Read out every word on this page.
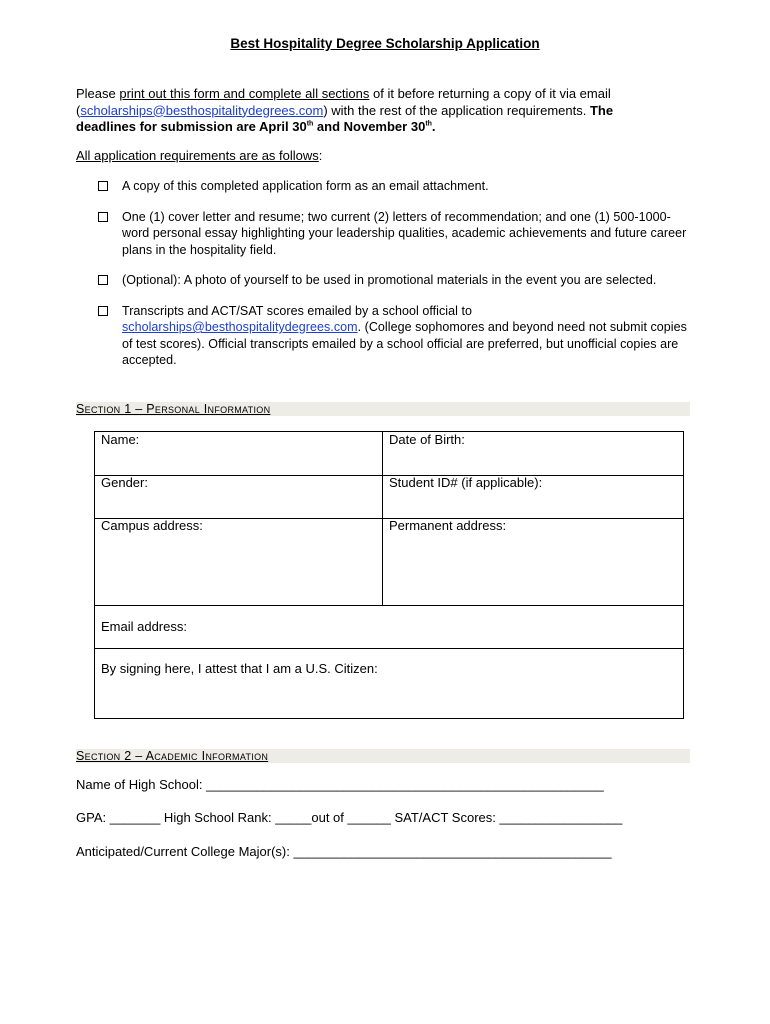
Best Hospitality Degree Scholarship Application
Please print out this form and complete all sections of it before returning a copy of it via email
(scholarships@besthospitalitydegrees.com) with the rest of the application requirements. The
deadlines for submission are April 30th and November 30th.
All application requirements are as follows:
A copy of this completed application form as an email attachment.
One (1) cover letter and resume; two current (2) letters of recommendation; and one (1) 500-1000-word personal essay highlighting your leadership qualities, academic achievements and future career plans in the hospitality field.
(Optional): A photo of yourself to be used in promotional materials in the event you are selected.
Transcripts and ACT/SAT scores emailed by a school official to
scholarships@besthospitalitydegrees.com. (College sophomores and beyond need not submit copies of test scores). Official transcripts emailed by a school official are preferred, but unofficial copies are accepted.
Section 1 – Personal Information
Name:	Date of Birth:
Gender:	Student ID# (if applicable):
Campus address:	Permanent address:
Email address:
By signing here, I attest that I am a U.S. Citizen:
Section 2 – Academic Information
Name of High School: _______________________________________________________
GPA: _______ High School Rank: _____out of ______ SAT/ACT Scores: _________________
Anticipated/Current College Major(s): ____________________________________________
